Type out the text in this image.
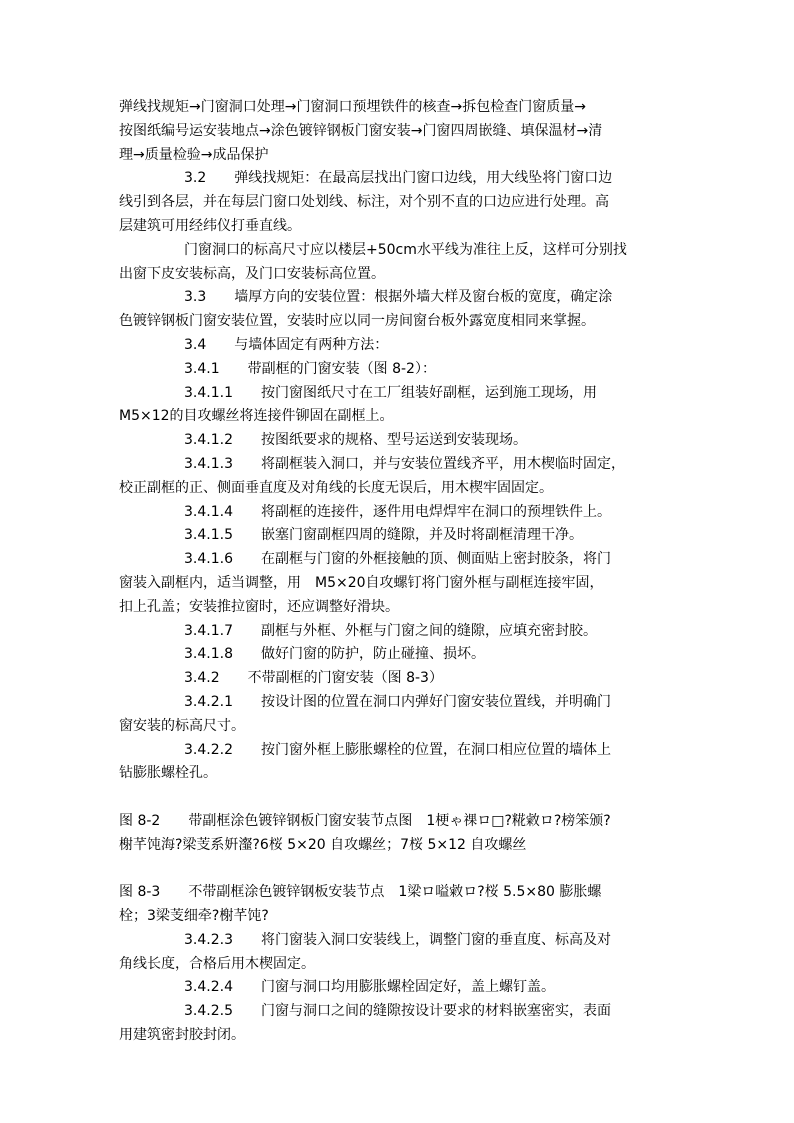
弹线找规矩→门窗洞口处理→门窗洞口预埋铁件的核查→拆包检查门窗质量→
按图纸编号运安装地点→涂色镀锌钢板门窗安装→门窗四周嵌缝、填保温材→清
理→质量检验→成品保护
3.2　　弹线找规矩：在最高层找出门窗口边线，用大线坠将门窗口边
线引到各层，并在每层门窗口处划线、标注，对个别不直的口边应进行处理。高
层建筑可用经纬仪打垂直线。
门窗洞口的标高尺寸应以楼层+50cm水平线为准往上反，这样可分别找
出窗下皮安装标高，及门口安装标高位置。
3.3　　墙厚方向的安装位置：根据外墙大样及窗台板的宽度，确定涂
色镀锌钢板门窗安装位置，安装时应以同一房间窗台板外露宽度相同来掌握。
3.4　　与墙体固定有两种方法：
3.4.1　　带副框的门窗安装（图 8-2）：
3.4.1.1　　按门窗图纸尺寸在工厂组装好副框，运到施工现场，用
M5×12的目攻螺丝将连接件铆固在副框上。
3.4.1.2　　按图纸要求的规格、型号运送到安装现场。
3.4.1.3　　将副框装入洞口，并与安装位置线齐平，用木楔临时固定，
校正副框的正、侧面垂直度及对角线的长度无误后，用木楔牢固固定。
3.4.1.4　　将副框的连接件，逐件用电焊焊牢在洞口的预埋铁件上。
3.4.1.5　　嵌塞门窗副框四周的缝隙，并及时将副框清理干净。
3.4.1.6　　在副框与门窗的外框接触的顶、侧面贴上密封胶条，将门
窗装入副框内，适当调整，用　M5×20自攻螺钉将门窗外框与副框连接牢固，
扣上孔盖；安装推拉窗时，还应调整好滑块。
3.4.1.7　　副框与外框、外框与门窗之间的缝隙，应填充密封胶。
3.4.1.8　　做好门窗的防护，防止碰撞、损坏。
3.4.2　　不带副框的门窗安装（图 8-3）
3.4.2.1　　按设计图的位置在洞口内弹好门窗安装位置线，并明确门
窗安装的标高尺寸。
3.4.2.2　　按门窗外框上膨胀螺栓的位置，在洞口相应位置的墙体上
钻膨胀螺栓孔。
图 8-2　　带副框涂色镀锌钢板门窗安装节点图　1梗ゃ祼ロ□?糀敹ロ?榜笨颁?
榭芊饨海?梁芰系姸瀣?6桜 5×20 自攻螺丝；7桜 5×12 自攻螺丝
图 8-3　　不带副框涂色镀锌钢板安装节点　1梁ロ嗌敹ロ?桜 5.5×80 膨胀螺
栓；3梁芰细牵?榭芊饨?
3.4.2.3　　将门窗装入洞口安装线上，调整门窗的垂直度、标高及对
角线长度，合格后用木楔固定。
3.4.2.4　　门窗与洞口均用膨胀螺栓固定好，盖上螺钉盖。
3.4.2.5　　门窗与洞口之间的缝隙按设计要求的材料嵌塞密实，表面
用建筑密封胶封闭。
